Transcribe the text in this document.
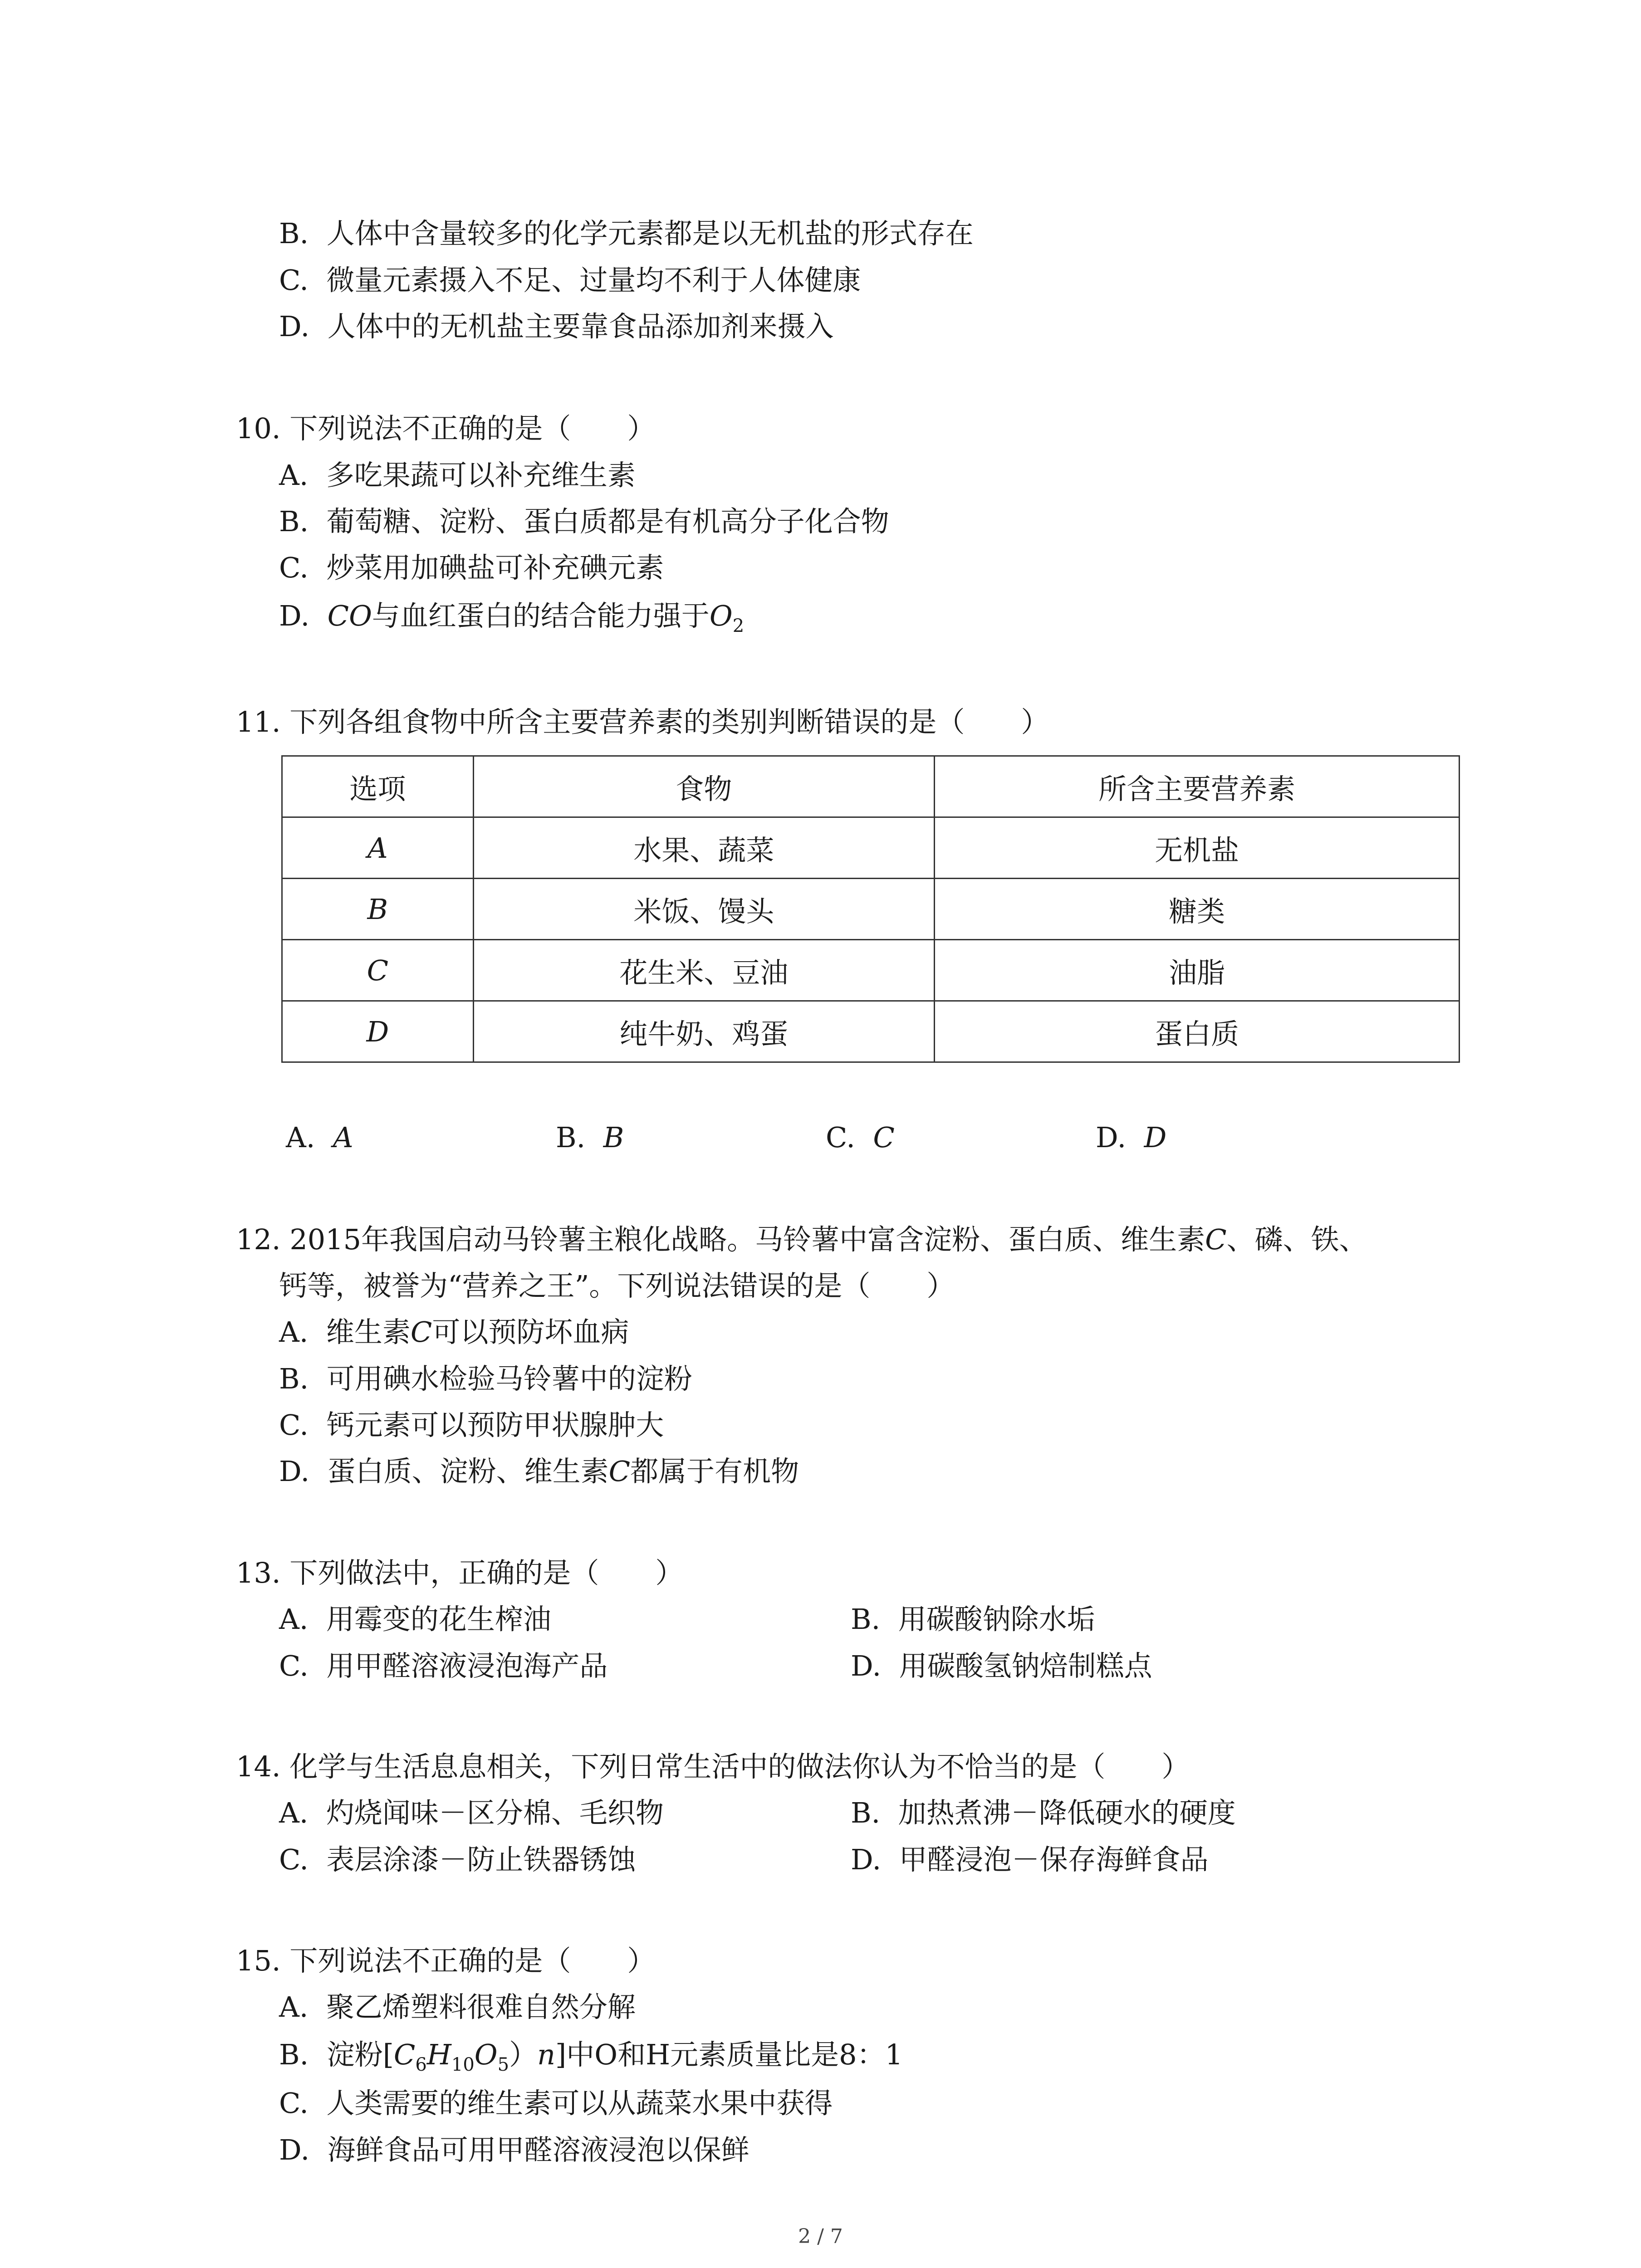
B.  人体中含量较多的化学元素都是以无机盐的形式存在
C.  微量元素摄入不足、过量均不利于人体健康
D.  人体中的无机盐主要靠食品添加剂来摄入
10. 下列说法不正确的是（　　）
A.  多吃果蔬可以补充维生素
B.  葡萄糖、淀粉、蛋白质都是有机高分子化合物
C.  炒菜用加碘盐可补充碘元素
D.  CO与血红蛋白的结合能力强于$O_2$
11. 下列各组食物中所含主要营养素的类别判断错误的是（　　）
选项	食物	所含主要营养素
A	水果、蔬菜	无机盐
B	米饭、馒头	糖类
C	花生米、豆油	油脂
D	纯牛奶、鸡蛋	蛋白质
A.  A	B.  B	C.  C	D.  D
12. 2015年我国启动马铃薯主粮化战略。马铃薯中富含淀粉、蛋白质、维生素C、磷、铁、
钙等，被誉为“营养之王”。下列说法错误的是（　　）
A.  维生素C可以预防坏血病
B.  可用碘水检验马铃薯中的淀粉
C.  钙元素可以预防甲状腺肿大
D.  蛋白质、淀粉、维生素C都属于有机物
13. 下列做法中，正确的是（　　）
A.  用霉变的花生榨油	B.  用碳酸钠除水垢
C.  用甲醛溶液浸泡海产品	D.  用碳酸氢钠焙制糕点
14. 化学与生活息息相关，下列日常生活中的做法你认为不恰当的是（　　）
A.  灼烧闻味－区分棉、毛织物	B.  加热煮沸－降低硬水的硬度
C.  表层涂漆－防止铁器锈蚀	D.  甲醛浸泡－保存海鲜食品
15. 下列说法不正确的是（　　）
A.  聚乙烯塑料很难自然分解
B.  淀粉$[C_6H_{10}O_5)n$]中O和H元素质量比是8：1
C.  人类需要的维生素可以从蔬菜水果中获得
D.  海鲜食品可用甲醛溶液浸泡以保鲜
2 / 7
